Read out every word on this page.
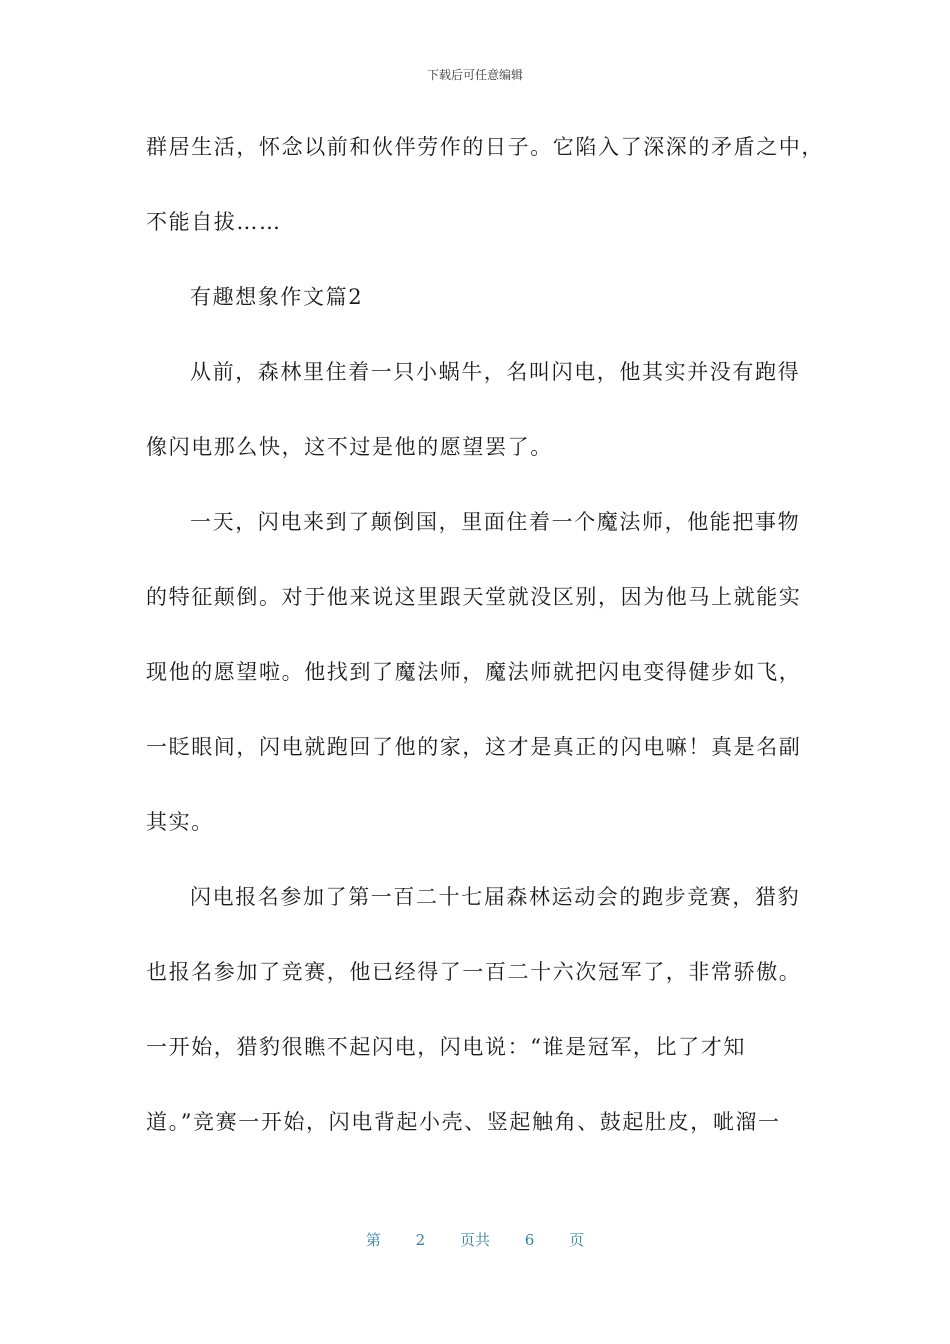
下载后可任意编辑
群居生活，怀念以前和伙伴劳作的日子。它陷入了深深的矛盾之中，
不能自拔……
有趣想象作文篇2
从前，森林里住着一只小蜗牛，名叫闪电，他其实并没有跑得
像闪电那么快，这不过是他的愿望罢了。
一天，闪电来到了颠倒国，里面住着一个魔法师，他能把事物
的特征颠倒。对于他来说这里跟天堂就没区别，因为他马上就能实
现他的愿望啦。他找到了魔法师，魔法师就把闪电变得健步如飞，
一眨眼间，闪电就跑回了他的家，这才是真正的闪电嘛！真是名副
其实。
闪电报名参加了第一百二十七届森林运动会的跑步竞赛，猎豹
也报名参加了竞赛，他已经得了一百二十六次冠军了，非常骄傲。
一开始，猎豹很瞧不起闪电，闪电说：“谁是冠军，比了才知
道。”竞赛一开始，闪电背起小壳、竖起触角、鼓起肚皮，呲溜一
第 2 页共 6 页
